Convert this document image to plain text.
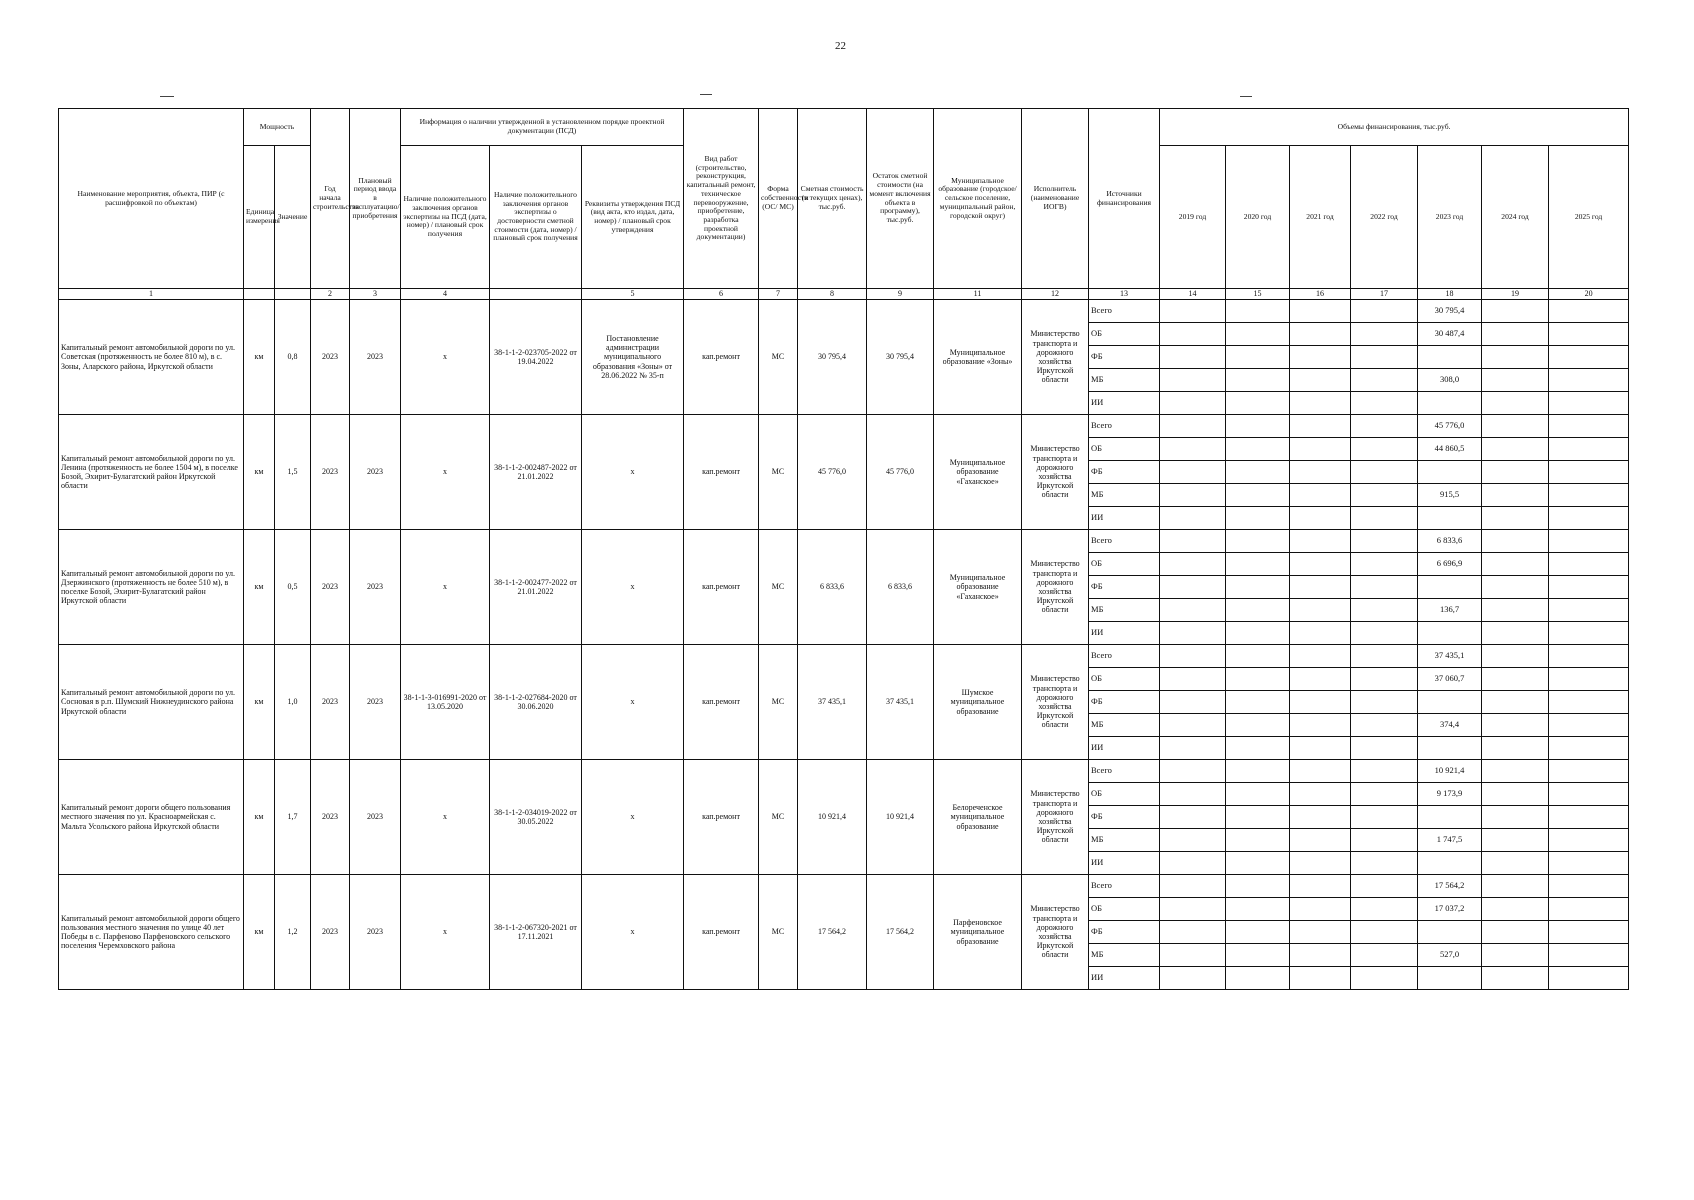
22
Наименование мероприятия, объекта, ПИР (с расшифровкой по объектам)	Мощность		Год начала строительства	Плановый период ввода в эксплуатацию/приобретения	Информация о наличии утвержденной в установленном порядке проектной документации (ПСД)			Вид работ (строительство, реконструкция, капитальный ремонт, техническое перевооружение, приобретение, разработка проектной документации)	Форма собственности (ОС/ МС)	Сметная стоимость (в текущих ценах), тыс.руб.	Остаток сметной стоимости (на момент включения объекта в программу), тыс.руб.	Муниципальное образование (городское/сельское поселение, муниципальный район, городской округ)	Исполнитель (наименование ИОГВ)	Источники финансирования	Объемы финансирования, тыс.руб.						
	Единица измерения	Значение			Наличие положительного заключения органов экспертизы на ПСД (дата, номер) / плановый срок получения	Наличие положительного заключения органов экспертизы о достоверности сметной стоимости (дата, номер) / плановый срок получения	Реквизиты утверждения ПСД (вид акта, кто издал, дата, номер) / плановый срок утверждения								2019 год	2020 год	2021 год	2022 год	2023 год	2024 год	2025 год
1			2	3	4		5	6	7	8	9	11	12	13	14	15	16	17	18	19	20
Капитальный ремонт автомобильной дороги по ул. Советская (протяженность не более 810 м), в с. Зоны, Аларского района, Иркутской области	км	0,8	2023	2023	х	38-1-1-2-023705-2022 от 19.04.2022	Постановление администрации муниципального образования «Зоны» от 28.06.2022 № 35-п	кап.ремонт	МС	30 795,4	30 795,4	Муниципальное образование «Зоны»	Министерство транспорта и дорожного хозяйства Иркутской области	Всего					30 795,4		
														ОБ					30 487,4		
														ФБ							
														МБ					308,0		
														ИИ							
Капитальный ремонт автомобильной дороги по ул. Ленина (протяженность не более 1504 м), в поселке Бозой, Эхирит-Булагатский район Иркутской области	км	1,5	2023	2023	х	38-1-1-2-002487-2022 от 21.01.2022	х	кап.ремонт	МС	45 776,0	45 776,0	Муниципальное образование «Гаханское»	Министерство транспорта и дорожного хозяйства Иркутской области	Всего					45 776,0		
														ОБ					44 860,5		
														ФБ							
														МБ					915,5		
														ИИ							
Капитальный ремонт автомобильной дороги по ул. Дзержинского (протяженность не более 510 м), в поселке Бозой, Эхирит-Булагатский район Иркутской области	км	0,5	2023	2023	х	38-1-1-2-002477-2022 от 21.01.2022	х	кап.ремонт	МС	6 833,6	6 833,6	Муниципальное образование «Гаханское»	Министерство транспорта и дорожного хозяйства Иркутской области	Всего					6 833,6		
														ОБ					6 696,9		
														ФБ							
														МБ					136,7		
														ИИ							
Капитальный ремонт автомобильной дороги по ул. Сосновая в р.п. Шумский Нижнеудинского района Иркутской области	км	1,0	2023	2023	38-1-1-3-016991-2020 от 13.05.2020	38-1-1-2-027684-2020 от 30.06.2020	х	кап.ремонт	МС	37 435,1	37 435,1	Шумское муниципальное образование	Министерство транспорта и дорожного хозяйства Иркутской области	Всего					37 435,1		
														ОБ					37 060,7		
														ФБ							
														МБ					374,4		
														ИИ							
Капитальный ремонт дороги общего пользования местного значения по ул. Красноармейская с. Мальта Усольского района Иркутской области	км	1,7	2023	2023	х	38-1-1-2-034019-2022 от 30.05.2022	х	кап.ремонт	МС	10 921,4	10 921,4	Белореченское муниципальное образование	Министерство транспорта и дорожного хозяйства Иркутской области	Всего					10 921,4		
														ОБ					9 173,9		
														ФБ							
														МБ					1 747,5		
														ИИ							
Капитальный ремонт автомобильной дороги общего пользования местного значения по улице 40 лет Победы в с. Парфеново Парфеновского сельского поселения Черемховского района	км	1,2	2023	2023	х	38-1-1-2-067320-2021 от 17.11.2021	х	кап.ремонт	МС	17 564,2	17 564,2	Парфеновское муниципальное образование	Министерство транспорта и дорожного хозяйства Иркутской области	Всего					17 564,2		
														ОБ					17 037,2		
														ФБ							
														МБ					527,0		
														ИИ							
